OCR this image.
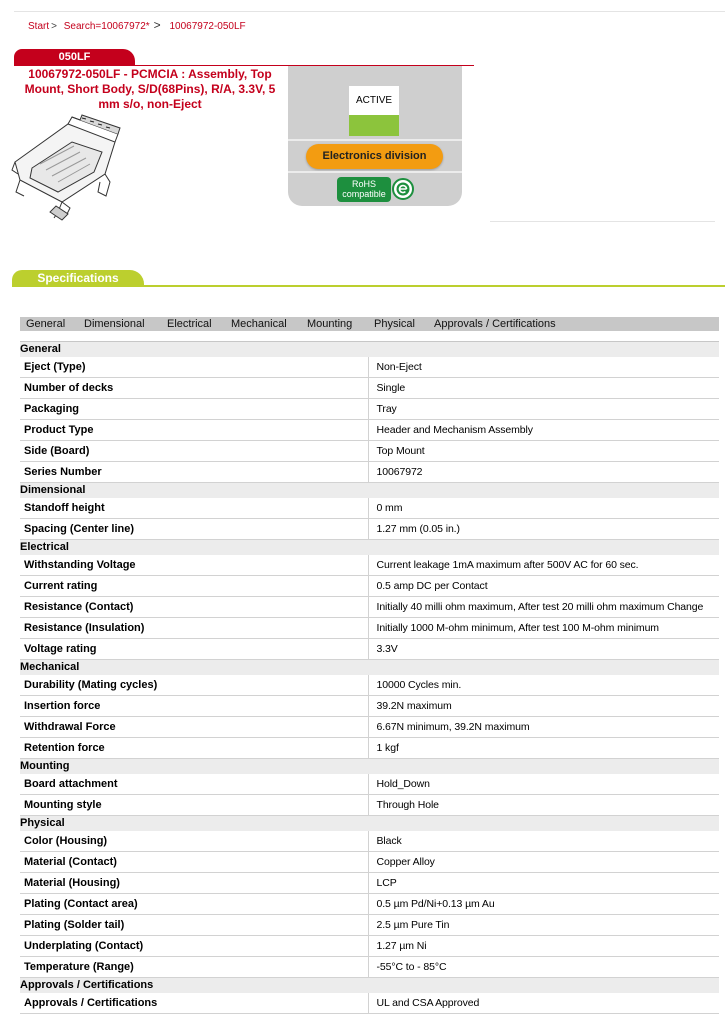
Start > Search=10067972* > 10067972-050LF
050LF
10067972-050LF - PCMCIA : Assembly, Top Mount, Short Body, S/D(68Pins), R/A, 3.3V, 5 mm s/o, non-Eject	ACTIVE
Electronics division
RoHS
compatible
Specifications
General Dimensional Electrical Mechanical Mounting Physical Approvals / Certifications
General	
Eject (Type)	Non-Eject
Number of decks	Single
Packaging	Tray
Product Type	Header and Mechanism Assembly
Side (Board)	Top Mount
Series Number	10067972
Dimensional	
Standoff height	0 mm
Spacing (Center line)	1.27 mm (0.05 in.)
Electrical	
Withstanding Voltage	Current leakage 1mA maximum after 500V AC for 60 sec.
Current rating	0.5 amp DC per Contact
Resistance (Contact)	Initially 40 milli ohm maximum, After test 20 milli ohm maximum Change
Resistance (Insulation)	Initially 1000 M-ohm minimum, After test 100 M-ohm minimum
Voltage rating	3.3V
Mechanical	
Durability (Mating cycles)	10000 Cycles min.
Insertion force	39.2N maximum
Withdrawal Force	6.67N minimum, 39.2N maximum
Retention force	1 kgf
Mounting	
Board attachment	Hold_Down
Mounting style	Through Hole
Physical	
Color (Housing)	Black
Material (Contact)	Copper Alloy
Material (Housing)	LCP
Plating (Contact area)	0.5 µm Pd/Ni+0.13 µm Au
Plating (Solder tail)	2.5 µm Pure Tin
Underplating (Contact)	1.27 µm Ni
Temperature (Range)	-55°C to - 85°C
Approvals / Certifications	
Approvals / Certifications	UL and CSA Approved
